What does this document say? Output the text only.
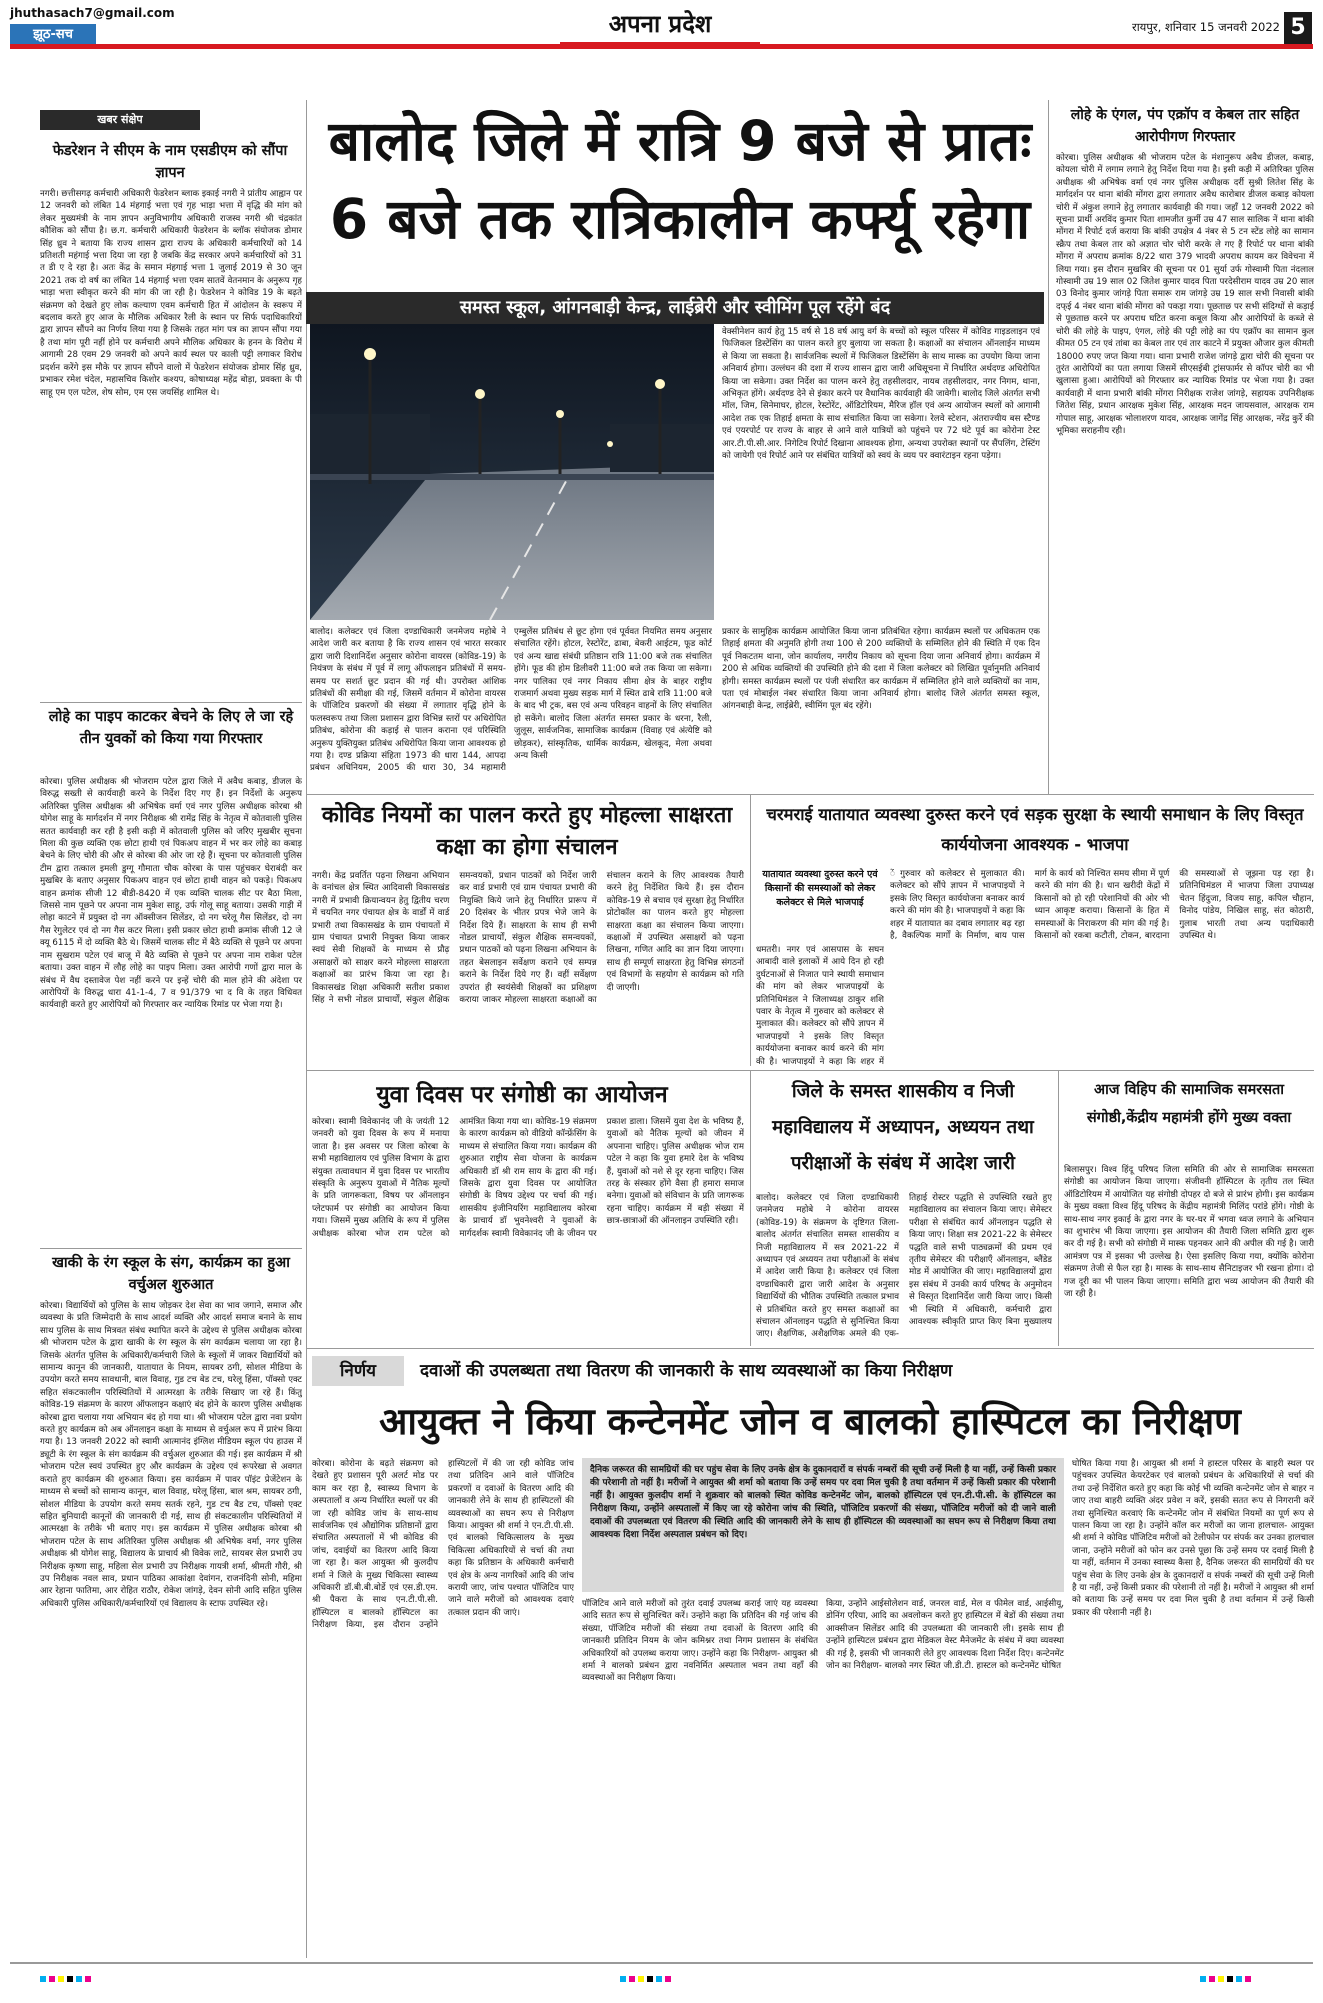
jhuthasach7@gmail.com
झूठ-सच	अपना प्रदेश	रायपुर, शनिवार 15 जनवरी 2022 5
खबर संक्षेप
फेडरेशन ने सीएम के नाम एसडीएम को सौंपा ज्ञापन
नगरी। छत्तीसगढ़ कर्मचारी अधिकारी फेडरेशन ब्लाक इकाई नगरी ने प्रांतीय आह्वान पर 12 जनवरी को लंबित 14 मंहगाई भत्ता एवं गृह भाड़ा भत्ता में वृद्धि की मांग को लेकर मुख्यमंत्री के नाम ज्ञापन अनुविभागीय अधिकारी राजस्व नगरी श्री चंद्रकांत कौशिक को सौंपा है। छ.ग. कर्मचारी अधिकारी फेडरेशन के ब्लॉक संयोजक डोमार सिंह ध्रुव ने बताया कि राज्य शासन द्वारा राज्य के अधिकारी कर्मचारियों को 14 प्रतिशती महंगाई भत्ता दिया जा रहा है जबकि केंद्र सरकार अपने कर्मचारियों को 31 त डी ए दे रहा है। अतः केंद्र के समान मंहगाई भत्ता 1 जुलाई 2019 से 30 जून 2021 तक दो वर्ष का लंबित 14 मंहगाई भत्ता एवम सातवें वेतनमान के अनुरूप गृह भाड़ा भत्ता स्वीकृत करने की मांग की जा रही है। फेडरेशन ने कोविड 19 के बढ़ते संक्रमण को देखते हुए लोक कल्याण एवम कर्मचारी हित में आंदोलन के स्वरूप में बदलाव करते हुए आज के मौलिक अधिकार रैली के स्थान पर सिर्फ पदाधिकारियों द्वारा ज्ञापन सौंपने का निर्णय लिया गया है जिसके तहत मांग पत्र का ज्ञापन सौंपा गया है तथा मांग पूरी नहीं होने पर कर्मचारी अपने मौलिक अधिकार के हनन के विरोध में आगामी 28 एवम 29 जनवरी को अपने कार्य स्थल पर काली पट्टी लगाकर विरोध प्रदर्शन करेंगे इस मौके पर ज्ञापन सौंपने वालो में फेडरेशन संयोजक डोमार सिंह ध्रुव, प्रभाकर रमेश चंदेल, महासचिव किशोर कश्यप, कोषाध्यक्ष महेंद्र बोड़ा, प्रवक्ता के पी साहू एम एल पटेल, शेष सोम, एम एस जयसिंह शामिल थे।
लोहे का पाइप काटकर बेचने के लिए ले जा रहे तीन युवकों को किया गया गिरफ्तार
कोरबा। पुलिस अधीक्षक श्री भोजराम पटेल द्वारा जिले में अवैध कबाड़, डीजल के विरुद्ध सख्ती से कार्यवाही करने के निर्देश दिए गए हैं। इन निर्देशों के अनुरूप अतिरिक्त पुलिस अधीक्षक श्री अभिषेक वर्मा एवं नगर पुलिस अधीक्षक कोरबा श्री योगेश साहू के मार्गदर्शन में नगर निरीक्षक श्री रामेंद्र सिंह के नेतृत्व में कोतवाली पुलिस सतत कार्यवाही कर रही है इसी कड़ी में कोतवाली पुलिस को जरिए मुखबीर सूचना मिला की कुछ व्यक्ति एक छोटा हाथी एवं पिकअप वाहन में भर कर लोहे का कबाड़ बेचने के लिए चोरी की और से कोरबा की ओर जा रहे हैं। सूचना पर कोतवाली पुलिस टीम द्वारा तत्काल इमली डुग्गू गौमाता चौक कोरबा के पास पहुंचकर घेराबंदी कर मुखबिर के बताए अनुसार पिकअप वाहन एवं छोटा हाथी वाहन को पकड़े। पिकअप वाहन क्रमांक सीजी 12 बीडी-8420 में एक व्यक्ति चालक सीट पर बैठा मिला, जिससे नाम पूछने पर अपना नाम मुकेश साहू, उर्फ गोलू साहू बताया। उसकी गाड़ी में लोहा काटने में प्रयुक्त दो नग ऑक्सीजन सिलेंडर, दो नग चरेलू गैस सिलेंडर, दो नग गैस रेगुलेटर एवं दो नग गैस कटर मिला। इसी प्रकार छोटा हाथी क्रमांक सीजी 12 जे क्यू 6115 में दो व्यक्ति बैठे थे। जिसमें चालक सीट में बैठे व्यक्ति से पूछने पर अपना नाम सुखराम पटेल एवं बाजू में बैठे व्यक्ति से पूछने पर अपना नाम राकेश पटेल बताया। उक्त वाहन में लौह लोहे का पाइप मिला। उक्त आरोपी गणों द्वारा माल के संबंध में वैध दस्तावेज पेश नहीं करने पर इन्हें चोरी की माल होने की अंदेशा पर आरोपियों के विरुद्ध धारा 41-1-4, 7 व 91/379 भा द वि के तहत विधिवत कार्यवाही करते हुए आरोपियों को गिरफ्तार कर न्यायिक रिमांड पर भेजा गया है।
खाकी के रंग स्कूल के संग, कार्यक्रम का हुआ वर्चुअल शुरुआत
कोरबा। विद्यार्थियों को पुलिस के साथ जोड़कर देश सेवा का भाव जगाने, समाज और व्यवस्था के प्रति जिम्मेदारी के साथ आदर्श व्यक्ति और आदर्श समाज बनाने के साथ साथ पुलिस के साथ मित्रवत संबंध स्थापित करने के उद्देश्य से पुलिस अधीक्षक कोरबा श्री भोजराम पटेल के द्वारा खाकी के रंग स्कूल के संग कार्यक्रम चलाया जा रहा है। जिसके अंतर्गत पुलिस के अधिकारी/कर्मचारी जिले के स्कूलों में जाकर विद्यार्थियों को सामान्य कानून की जानकारी, यातायात के नियम, सायबर ठगी, सोशल मीडिया के उपयोग करते समय सावधानी, बाल विवाह, गुड टच बेड टच, घरेलू हिंसा, पॉक्सो एक्ट सहित संकटकालीन परिस्थितियों में आत्मरक्षा के तरीके सिखाए जा रहे हैं। किंतु कोविड-19 संक्रमण के कारण ऑफलाइन कक्षाएं बंद होने के कारण पुलिस अधीक्षक कोरबा द्वारा चलाया गया अभियान बंद हो गया था। श्री भोजराम पटेल द्वारा नवा प्रयोग करते हुए कार्यक्रम को अब ऑनलाइन कक्षा के माध्यम से वर्चुअल रूप में प्रारंभ किया गया है। 13 जनवरी 2022 को स्वामी आत्मानंद इंग्लिश मीडियम स्कूल पंप हाउस में ड्यूटी के रंग स्कूल के संग कार्यक्रम की वर्चुअल शुरुआत की गई। इस कार्यक्रम में श्री भोजराम पटेल स्वयं उपस्थित हुए और कार्यक्रम के उद्देश्य एवं रूपरेखा से अवगत कराते हुए कार्यक्रम की शुरुआत किया। इस कार्यक्रम में पावर पॉइंट प्रेजेंटेशन के माध्यम से बच्चों को सामान्य कानून, बाल विवाह, घरेलू हिंसा, बाल श्रम, सायबर ठगी, सोशल मीडिया के उपयोग करते समय सतर्क रहने, गुड टच बैड टच, पॉक्सो एक्ट सहित बुनियादी कानूनों की जानकारी दी गई, साथ ही संकटकालीन परिस्थितियों में आत्मरक्षा के तरीके भी बताए गए। इस कार्यक्रम में पुलिस अधीक्षक कोरबा श्री भोजराम पटेल के साथ अतिरिक्त पुलिस अधीक्षक श्री अभिषेक वर्मा, नगर पुलिस अधीक्षक श्री योगेश साहू, विद्यालय के प्राचार्य श्री विवेक लाटे, सायबर सेल प्रभारी उप निरीक्षक कृष्णा साहू, महिला सेल प्रभारी उप निरीक्षक गायत्री शर्मा, श्रीमती गौरी, श्री उप निरीक्षक नवल साव, प्रधान पाठिका आकांक्षा देवांगन, राजनंदिनी सोनी, महिमा आर रेहाना फातिमा, आर रोहित राठौर, रोकेश जांगड़े, देवन सोनी आदि सहित पुलिस अधिकारी पुलिस अधिकारी/कर्मचारियों एवं विद्यालय के स्टाफ उपस्थित रहे।
बालोद जिले में रात्रि 9 बजे से प्रातः 6 बजे तक रात्रिकालीन कर्फ्यू रहेगा
समस्त स्कूल, आंगनबाड़ी केन्द्र, लाईब्रेरी और स्वीमिंग पूल रहेंगे बंद
वेक्सीनेशन कार्य हेतु 15 वर्ष से 18 वर्ष आयु वर्ग के बच्चों को स्कूल परिसर में कोविड गाइडलाइन एवं फिजिकल डिस्टेंसिंग का पालन करते हुए बुलाया जा सकता है। कक्षाओं का संचालन ऑनलाईन माध्यम से किया जा सकता है। सार्वजनिक स्थलों में फिजिकल डिस्टेंसिंग के साथ मास्क का उपयोग किया जाना अनिवार्य होगा। उल्लंघन की दशा में राज्य शासन द्वारा जारी अधिसूचना में निर्धारित अर्थदण्ड अधिरोपित किया जा सकेगा। उक्त निर्देश का पालन करने हेतु तहसीलदार, नायब तहसीलदार, नगर निगम, थाना, अभिकृत होंगे। अर्थदण्ड देने से इंकार करने पर वैधानिक कार्यवाही की जावेगी। बालोद जिले अंतर्गत सभी मॉल, जिम, सिनेमाघर, होटल, रेस्टोरेंट, ऑडिटोरियम, मैरिज हॉल एवं अन्य आयोजन स्थलों को आगामी आदेश तक एक तिहाई क्षमता के साथ संचालित किया जा सकेगा। रेलवे स्टेशन, अंतराज्यीय बस स्टैण्ड एवं एयरपोर्ट पर राज्य के बाहर से आने वाले यात्रियों को पहुंचने पर 72 घंटे पूर्व का कोरोना टेस्ट आर.टी.पी.सी.आर. निगेटिव रिपोर्ट दिखाना आवश्यक होगा, अन्यथा उपरोक्त स्थानों पर सैंपलिंग, टेस्टिंग को जायेगी एवं रिपोर्ट आने पर संबंधित यात्रियों को स्वयं के व्यय पर क्वारंटाइन रहना पड़ेगा।
बालोद। कलेक्टर एवं जिला दण्डाधिकारी जनमेजय महोबे ने आदेश जारी कर बताया है कि राज्य शासन एवं भारत सरकार द्वारा जारी दिशानिर्देश अनुसार कोरोना वायरस (कोविड-19) के नियंत्रण के संबंध में पूर्व में लागू ऑफलाइन प्रतिबंधों में समय-समय पर सशर्त छूट प्रदान की गई थी। उपरोक्त आंशिक प्रतिबंधों की समीक्षा की गई, जिसमें वर्तमान में कोरोना वायरस के पॉजिटिव प्रकरणों की संख्या में लगातार वृद्धि होने के फलस्वरूप तथा जिला प्रशासन द्वारा विभिन्न स्तरों पर अधिरोपित प्रतिबंध, कोरोना की कड़ाई से पालन कराना एवं परिस्थिति अनुरूप युक्तियुक्त प्रतिबंध अधिरोपित किया जाना आवश्यक हो गया है। दण्ड प्रक्रिया संहिता 1973 की धारा 144, आपदा प्रबंधन अधिनियम, 2005 की धारा 30, 34 महामारी
एम्बुलेंस प्रतिबंध से छूट होगा एवं पूर्ववत नियमित समय अनुसार संचालित रहेंगे। होटल, रेस्टोरेंट, ढाबा, बेकरी आईटम, फूड कोर्ट एवं अन्य खाद्य संबंधी प्रतिष्ठान रात्रि 11:00 बजे तक संचालित होंगे। फूड की होम डिलीवरी 11:00 बजे तक किया जा सकेगा। नगर पालिका एवं नगर निकाय सीमा क्षेत्र के बाहर राष्ट्रीय राजमार्ग अथवा मुख्य सड़क मार्ग में स्थित ढाबे रात्रि 11:00 बजे के बाद भी ट्रक, बस एवं अन्य परिवहन वाहनों के लिए संचालित हो सकेंगे। बालोद जिला अंतर्गत समस्त प्रकार के धरना, रैली, जुलूस, सार्वजनिक, सामाजिक कार्यक्रम (विवाह एवं अंत्येष्टि को छोड़कर), सांस्कृतिक, धार्मिक कार्यक्रम, खेलकूद, मेला अथवा अन्य किसी
प्रकार के सामुहिक कार्यक्रम आयोजित किया जाना प्रतिबंधित रहेगा। कार्यक्रम स्थलों पर अधिकतम एक तिहाई क्षमता की अनुमति होगी तथा 100 से 200 व्यक्तियों के सम्मिलित होने की स्थिति में एक दिन पूर्व निकटतम थाना, जोन कार्यालय, नगरीय निकाय को सूचना दिया जाना अनिवार्य होगा। कार्यक्रम में 200 से अधिक व्यक्तियों की उपस्थिति होने की दशा में जिला कलेक्टर को लिखित पूर्वानुमति अनिवार्य होगी। समस्त कार्यक्रम स्थलों पर पंजी संधारित कर कार्यक्रम में सम्मिलित होने वाले व्यक्तियों का नाम, पता एवं मोबाईल नंबर संधारित किया जाना अनिवार्य होगा। बालोद जिले अंतर्गत समस्त स्कूल, आंगनबाड़ी केन्द्र, लाईब्रेरी, स्वीमिंग पूल बंद रहेंगे।
लोहे के एंगल, पंप एक्रॉप व केबल तार सहित आरोपीगण गिरफ्तार
कोरबा। पुलिस अधीक्षक श्री भोजराम पटेल के मंशानुरूप अवैध डीजल, कबाड़, कोयला चोरी में लगाम लगाने हेतु निर्देश दिया गया है। इसी कड़ी में अतिरिक्त पुलिस अधीक्षक श्री अभिषेक वर्मा एवं नगर पुलिस अधीक्षक दर्री सुश्री लितेश सिंह के मार्गदर्शन पर थाना बांकी मोंगरा द्वारा लगातार अवैध कारोबार डीजल कबाड़ कोयला चोरी में अंकुश लगाने हेतु लगातार कार्यवाही की गया। जहाँ 12 जनवरी 2022 को सूचना प्रार्थी अरविंद कुमार पिता शामजीत कुर्मी उम्र 47 साल सालिक नें थाना बांकी मोंगरा में रिपोर्ट दर्ज कराया कि बांकी उपक्षेत्र 4 नंबर से 5 टन स्टेंड लोहे का सामान स्क्रैप तथा केबल तार को अज्ञात चोर चोरी करके ले गए हैं रिपोर्ट पर थाना बांकी मोंगरा में अपराध क्रमांक 8/22 धारा 379 भादवी अपराध कायम कर विवेचना में लिया गया। इस दौरान मुखबिर की सूचना पर 01 सुर्या उर्फ गोस्वामी पिता नंदलाल गोस्वामी उम्र 19 साल 02 जितेश कुमार यादव पिता परदेसीराम यादव उम्र 20 साल 03 विनोद कुमार जांगड़े पिता समारू राम जांगड़े उम्र 19 साल सभी निवासी बांकी दफ्ई 4 नंबर थाना बांकी मोंगरा को पकड़ा गया। पूछताछ पर सभी संदिग्धों से कड़ाई से पूछताछ करने पर अपराध घटित करना कबूल किया और आरोपियों के कब्जे से चोरी की लोहे के पाइप, एंगल, लोहे की पट्टी लोहे का पंप एक्रॉप का सामान कुल कीमत 05 टन एवं तांबा का केबल तार एवं तार काटने में प्रयुक्त औजार कुल कीमती 18000 रुपए जप्त किया गया। थाना प्रभारी राजेश जांगड़े द्वारा चोरी की सूचना पर तुरंत आरोपियों का पता लगाया जिसमें सीएसईबी ट्रांसफार्मर से कॉपर चोरी का भी खुलासा हुआ। आरोपियों को गिरफ्तार कर न्यायिक रिमांड पर भेजा गया है। उक्त कार्यवाही में थाना प्रभारी बांकी मोंगरा निरीक्षक राजेश जांगड़े, सहायक उपनिरीक्षक जितेश सिंह, प्रधान आरक्षक मुकेश सिंह, आरक्षक मदन जायसवाल, आरक्षक राम गोपाल साहू, आरक्षक भोलाशरण यादव, आरक्षक जागेंद्र सिंह आरक्षक, नरेंद्र कुर्रे की भूमिका सराहनीय रही।
कोविड नियमों का पालन करते हुए मोहल्ला साक्षरता कक्षा का होगा संचालन
नगरी। केंद्र प्रवर्तित पढ़ना लिखना अभियान के वनांचल क्षेत्र स्थित आदिवासी विकासखंड नगरी में प्रभावी क्रियान्वयन हेतु द्वितीय चरण में चयनित नगर पंचायत क्षेत्र के वार्डों में वार्ड प्रभारी तथा विकासखंड के ग्राम पंचायतों में ग्राम पंचायत प्रभारी नियुक्त किया जाकर स्वयं सेवी शिक्षकों के माध्यम से प्रौढ़ असाक्षरों को साक्षर करने मोहल्ला साक्षरता कक्षाओं का प्रारंभ किया जा रहा है। विकासखंड शिक्षा अधिकारी सतीश प्रकाश सिंह ने सभी नोडल प्राचार्यों, संकुल शैक्षिक समन्वयकों, प्रधान पाठकों को निर्देश जारी कर वार्ड प्रभारी एवं ग्राम पंचायत प्रभारी की नियुक्ति किये जाने हेतु निर्धारित प्रारूप में 20 दिसंबर के भीतर प्रपत्र भेजे जाने के निर्देश दिये हैं। साक्षरता के साथ ही सभी नोडल प्राचार्यों, संकुल शैक्षिक समन्वयकों, प्रधान पाठकों को पढ़ना लिखना अभियान के तहत बेसलाइन सर्वेक्षण कराने एवं सम्पन्न कराने के निर्देश दिये गए हैं। वहीं सर्वेक्षण उपरांत ही स्वयंसेवी शिक्षकों का प्रशिक्षण कराया जाकर मोहल्ला साक्षरता कक्षाओं का संचालन कराने के लिए आवश्यक तैयारी करने हेतु निर्देशित किये हैं। इस दौरान कोविड-19 से बचाव एवं सुरक्षा हेतु निर्धारित प्रोटोकॉल का पालन करते हुए मोहल्ला साक्षरता कक्षा का संचालन किया जाएगा। कक्षाओं में उपस्थित असाक्षरों को पढ़ना लिखना, गणित आदि का ज्ञान दिया जाएगा। साथ ही सम्पूर्ण साक्षरता हेतु विभिन्न संगठनों एवं विभागों के सहयोग से कार्यक्रम को गति दी जाएगी।
चरमराई यातायात व्यवस्था दुरुस्त करने एवं सड़क सुरक्षा के स्थायी समाधान के लिए विस्तृत कार्ययोजना आवश्यक - भाजपा
यातायात व्यवस्था दुरुस्त करने एवं किसानों की समस्याओं को लेकर कलेक्टर से मिले भाजपाई
धमतरी। नगर एवं आसपास के सघन आबादी वाले इलाकों में आये दिन हो रही दुर्घटनाओं से निजात पाने स्थायी समाधान की मांग को लेकर भाजपाइयों के प्रतिनिधिमंडल ने जिलाध्यक्ष ठाकुर शशि पवार के नेतृत्व में गुरुवार को कलेक्टर से मुलाकात की। कलेक्टर को सौंपे ज्ञापन में भाजपाइयों ने इसके लिए विस्तृत कार्ययोजना बनाकर कार्य करने की मांग की है। भाजपाइयों ने कहा कि शहर में
ें गुरुवार को कलेक्टर से मुलाकात की। कलेक्टर को सौंपे ज्ञापन में भाजपाइयों ने इसके लिए विस्तृत कार्ययोजना बनाकर कार्य करने की मांग की है। भाजपाइयों ने कहा कि शहर में यातायात का दबाव लगातार बढ़ रहा है, वैकल्पिक मार्गों के निर्माण, बाय पास मार्ग के कार्य को निश्चित समय सीमा में पूर्ण करने की मांग की है। धान खरीदी केंद्रों में किसानों को हो रही परेशानियों की ओर भी ध्यान आकृष्ट कराया। किसानों के हित में समस्याओं के निराकरण की मांग की गई है। किसानों को रकबा कटौती, टोकन, बारदाना की समस्याओं से जूझना पड़ रहा है। प्रतिनिधिमंडल में भाजपा जिला उपाध्यक्ष चेतन हिंदुजा, विजय साहू, कपिल चौहान, विनोद पांडेय, निखिल साहू, संत कोठारी, गुलाब भारती तथा अन्य पदाधिकारी उपस्थित थे।
युवा दिवस पर संगोष्ठी का आयोजन
कोरबा। स्वामी विवेकानंद जी के जयंती 12 जनवरी को युवा दिवस के रूप में मनाया जाता है। इस अवसर पर जिला कोरबा के सभी महाविद्यालय एवं पुलिस विभाग के द्वारा संयुक्त तत्वावधान में युवा दिवस पर भारतीय संस्कृति के अनुरूप युवाओं में नैतिक मूल्यों के प्रति जागरूकता, विषय पर ऑनलाइन प्लेटफार्म पर संगोष्ठी का आयोजन किया गया। जिसमें मुख्य अतिथि के रूप में पुलिस अधीक्षक कोरबा भोज राम पटेल को आमंत्रित किया गया था। कोविड-19 संक्रमण के कारण कार्यक्रम को वीडियो कॉन्फ्रेंसिंग के माध्यम से संचालित किया गया। कार्यक्रम की शुरुआत राष्ट्रीय सेवा योजना के कार्यक्रम अधिकारी डॉ श्री राम साय के द्वारा की गई। जिसके द्वारा युवा दिवस पर आयोजित संगोष्ठी के विषय उद्देश्य पर चर्चा की गई। शासकीय इंजीनियरिंग महाविद्यालय कोरबा के प्राचार्य डॉ भुवनेश्वरी ने युवाओं के मार्गदर्शक स्वामी विवेकानंद जी के जीवन पर प्रकाश डाला। जिसमें युवा देश के भविष्य हैं, युवाओं को नैतिक मूल्यों को जीवन में अपनाना चाहिए। पुलिस अधीक्षक भोज राम पटेल ने कहा कि युवा हमारे देश के भविष्य हैं, युवाओं को नशे से दूर रहना चाहिए। जिस तरह के संस्कार होंगे वैसा ही हमारा समाज बनेगा। युवाओं को संविधान के प्रति जागरूक रहना चाहिए। कार्यक्रम में बड़ी संख्या में छात्र-छात्राओं की ऑनलाइन उपस्थिति रही।
जिले के समस्त शासकीय व निजी महाविद्यालय में अध्यापन, अध्ययन तथा परीक्षाओं के संबंध में आदेश जारी
बालोद। कलेक्टर एवं जिला दण्डाधिकारी जनमेजय महोबे ने कोरोना वायरस (कोविड-19) के संक्रमण के दृष्टिगत जिला-बालोद अंतर्गत संचालित समस्त शासकीय व निजी महाविद्यालय में सत्र 2021-22 में अध्यापन एवं अध्ययन तथा परीक्षाओं के संबंध में आदेश जारी किया है। कलेक्टर एवं जिला दण्डाधिकारी द्वारा जारी आदेश के अनुसार विद्यार्थियों की भौतिक उपस्थिति तत्काल प्रभाव से प्रतिबंधित करते हुए समस्त कक्षाओं का संचालन ऑनलाइन पद्धति से सुनिश्चित किया जाए। शैक्षणिक, अशैक्षणिक अमले की एक-तिहाई रोस्टर पद्धति से उपस्थिति रखते हुए महाविद्यालय का संचालन किया जाए। सेमेस्टर परीक्षा से संबंधित कार्य ऑनलाइन पद्धति से किया जाए। शिक्षा सत्र 2021-22 के सेमेस्टर पद्धति वाले सभी पाठ्यक्रमों की प्रथम एवं तृतीय सेमेस्टर की परीक्षाएँ ऑनलाइन, ब्लैंडेड मोड में आयोजित की जाए। महाविद्यालयों द्वारा इस संबंध में उनकी कार्य परिषद के अनुमोदन से विस्तृत दिशानिर्देश जारी किया जाए। किसी भी स्थिति में अधिकारी, कर्मचारी द्वारा आवश्यक स्वीकृति प्राप्त किए बिना मुख्यालय
आज विहिप की सामाजिक समरसता संगोष्ठी,केंद्रीय महामंत्री होंगे मुख्य वक्ता
बिलासपुर। विश्व हिंदू परिषद जिला समिति की ओर से सामाजिक समरसता संगोष्ठी का आयोजन किया जाएगा। संजीवनी हॉस्पिटल के तृतीय तल स्थित ऑडिटोरियम में आयोजित यह संगोष्ठी दोपहर दो बजे से प्रारंभ होगी। इस कार्यक्रम के मुख्य वक्ता विश्व हिंदू परिषद के केंद्रीय महामंत्री मिलिंद परांडे होंगे। गोष्ठी के साथ-साथ नगर इकाई के द्वारा नगर के घर-घर में भगवा ध्वज लगाने के अभियान का शुभारंभ भी किया जाएगा। इस आयोजन की तैयारी जिला समिति द्वारा शुरू कर दी गई है। सभी को संगोष्ठी में मास्क पहनकर आने की अपील की गई है। जारी आमंत्रण पत्र में इसका भी उल्लेख है। ऐसा इसलिए किया गया, क्योंकि कोरोना संक्रमण तेजी से फैल रहा है। मास्क के साथ-साथ सैनिटाइजर भी रखना होगा। दो गज दूरी का भी पालन किया जाएगा। समिति द्वारा भव्य आयोजन की तैयारी की जा रही है।
निर्णय	दवाओं की उपलब्धता तथा वितरण की जानकारी के साथ व्यवस्थाओं का किया निरीक्षण
आयुक्त ने किया कन्टेनमेंट जोन व बालको हास्पिटल का निरीक्षण
कोरबा। कोरोना के बढ़ते संक्रमण को देखते हुए प्रशासन पूरी अलर्ट मोड पर काम कर रहा है, स्वास्थ्य विभाग के अस्पतालों व अन्य निर्धारित स्थलों पर की जा रही कोविड जांच के साथ-साथ सार्वजनिक एवं औद्योगिक प्रतिष्ठानों द्वारा संचालित अस्पतालों में भी कोविड की जांच, दवाईयों का वितरण आदि किया जा रहा है। कल आयुक्त श्री कुलदीप शर्मा ने जिले के मुख्य चिकित्सा स्वास्थ्य अधिकारी डॉ.बी.बी.बोर्डे एवं एस.डी.एम. श्री पैकरा के साथ एन.टी.पी.सी. हॉस्पिटल व बालको हॉस्पिटल का निरीक्षण किया, इस दौरान उन्होंने हास्पिटलों में की जा रही कोविड जांच तथा प्रतिदिन आने वाले पॉजिटिव प्रकरणों व दवाओं के वितरण आदि की जानकारी लेने के साथ ही हास्पिटलों की व्यवस्थाओं का सघन रूप से निरीक्षण किया। आयुक्त श्री शर्मा ने एन.टी.पी.सी. एवं बालको चिकित्सालय के मुख्य चिकित्सा अधिकारियों से चर्चा की तथा कहा कि प्रतिष्ठान के अधिकारी कर्मचारी एवं क्षेत्र के अन्य नागरिकों आदि की जांच करायी जाए, जांच पश्चात पॉजिटिव पाए जाने वाले मरीजों को आवश्यक दवाएं तत्काल प्रदान की जाएं।
दैनिक जरूरत की सामग्रियों की घर पहुंच सेवा के लिए उनके क्षेत्र के दुकानदारों व संपर्क नम्बरों की सूची उन्हें मिली है या नहीं, उन्हें किसी प्रकार की परेशानी तो नहीं है। मरीजों ने आयुक्त श्री शर्मा को बताया कि उन्हें समय पर दवा मिल चुकी है तथा वर्तमान में उन्हें किसी प्रकार की परेशानी नहीं है। आयुक्त कुलदीप शर्मा ने शुक्रवार को बालको स्थित कोविड कन्टेनमेंट जोन, बालको हॉस्पिटल एवं एन.टी.पी.सी. के हॉस्पिटल का निरीक्षण किया, उन्होंने अस्पतालों में किए जा रहे कोरोना जांच की स्थिति, पॉजिटिव प्रकरणों की संख्या, पॉजिटिव मरीजों को दी जाने वाली दवाओं की उपलब्धता एवं वितरण की स्थिति आदि की जानकारी लेने के साथ ही हॉस्पिटल की व्यवस्थाओं का सघन रूप से निरीक्षण किया तथा आवश्यक दिशा निर्देश अस्पताल प्रबंधन को दिए।
पॉजिटिव आने वाले मरीजों को तुरंत दवाई उपलब्ध कराई जाएं यह व्यवस्था आदि सतत रूप से सुनिश्चित करें। उन्होंने कहा कि प्रतिदिन की गई जांच की संख्या, पॉजिटिव मरीजों की संख्या तथा दवाओं के वितरण आदि की जानकारी प्रतिदिन नियम के जोन कमिश्नर तथा निगम प्रशासन के संबंधित अधिकारियों को उपलब्ध कराया जाए। उन्होंने कहा कि निरीक्षण- आयुक्त श्री शर्मा ने बालको प्रबंधन द्वारा नवनिर्मित अस्पताल भवन तथा वहाँ की व्यवस्थाओं का निरीक्षण किया।
किया, उन्होंने आईसोलेशन वार्ड, जनरल वार्ड, मेल व फीमेल वार्ड, आईसीयू, डोनिंग एरिया, आदि का अवलोकन करते हुए हास्पिटल में बेडों की संख्या तथा आक्सीजन सिलेंडर आदि की उपलब्धता की जानकारी ली। इसके साथ ही उन्होंने हास्पिटल प्रबंधन द्वारा मेडिकल वेस्ट मैनेजमेंट के संबंध में क्या व्यवस्था की गई है, इसकी भी जानकारी लेते हुए आवश्यक दिशा निर्देश दिए। कन्टेनमेंट जोन का निरीक्षण- बालको नगर स्थित जी.डी.टी. हास्टल को कन्टेनमेंट घोषित
घोषित किया गया है। आयुक्त श्री शर्मा ने हास्टल परिसर के बाहरी स्थल पर पहुंचकर उपस्थित केयरटेकर एवं बालको प्रबंधन के अधिकारियों से चर्चा की तथा उन्हें निर्देशित करते हुए कहा कि कोई भी व्यक्ति कन्टेनमेंट जोन से बाहर न जाए तथा बाहरी व्यक्ति अंदर प्रवेश न करें, इसकी सतत रूप से निगरानी करें तथा सुनिश्चित करवाएं कि कन्टेनमेंट जोन में संबंधित नियमों का पूर्ण रूप से पालन किया जा रहा है। उन्होंने कॉल कर मरीजों का जाना हालचाल- आयुक्त श्री शर्मा ने कोविड पॉजिटिव मरीजों को टेलीफोन पर संपर्क कर उनका हालचाल जाना, उन्होंने मरीजों को फोन कर उनसे पूछा कि उन्हें समय पर दवाई मिली है या नहीं, वर्तमान में उनका स्वास्थ्य कैसा है, दैनिक जरूरत की सामग्रियों की घर पहुंच सेवा के लिए उनके क्षेत्र के दुकानदारों व संपर्क नम्बरों की सूची उन्हें मिली है या नहीं, उन्हें किसी प्रकार की परेशानी तो नहीं है। मरीजों ने आयुक्त श्री शर्मा को बताया कि उन्हें समय पर दवा मिल चुकी है तथा वर्तमान में उन्हें किसी प्रकार की परेशानी नहीं है।
